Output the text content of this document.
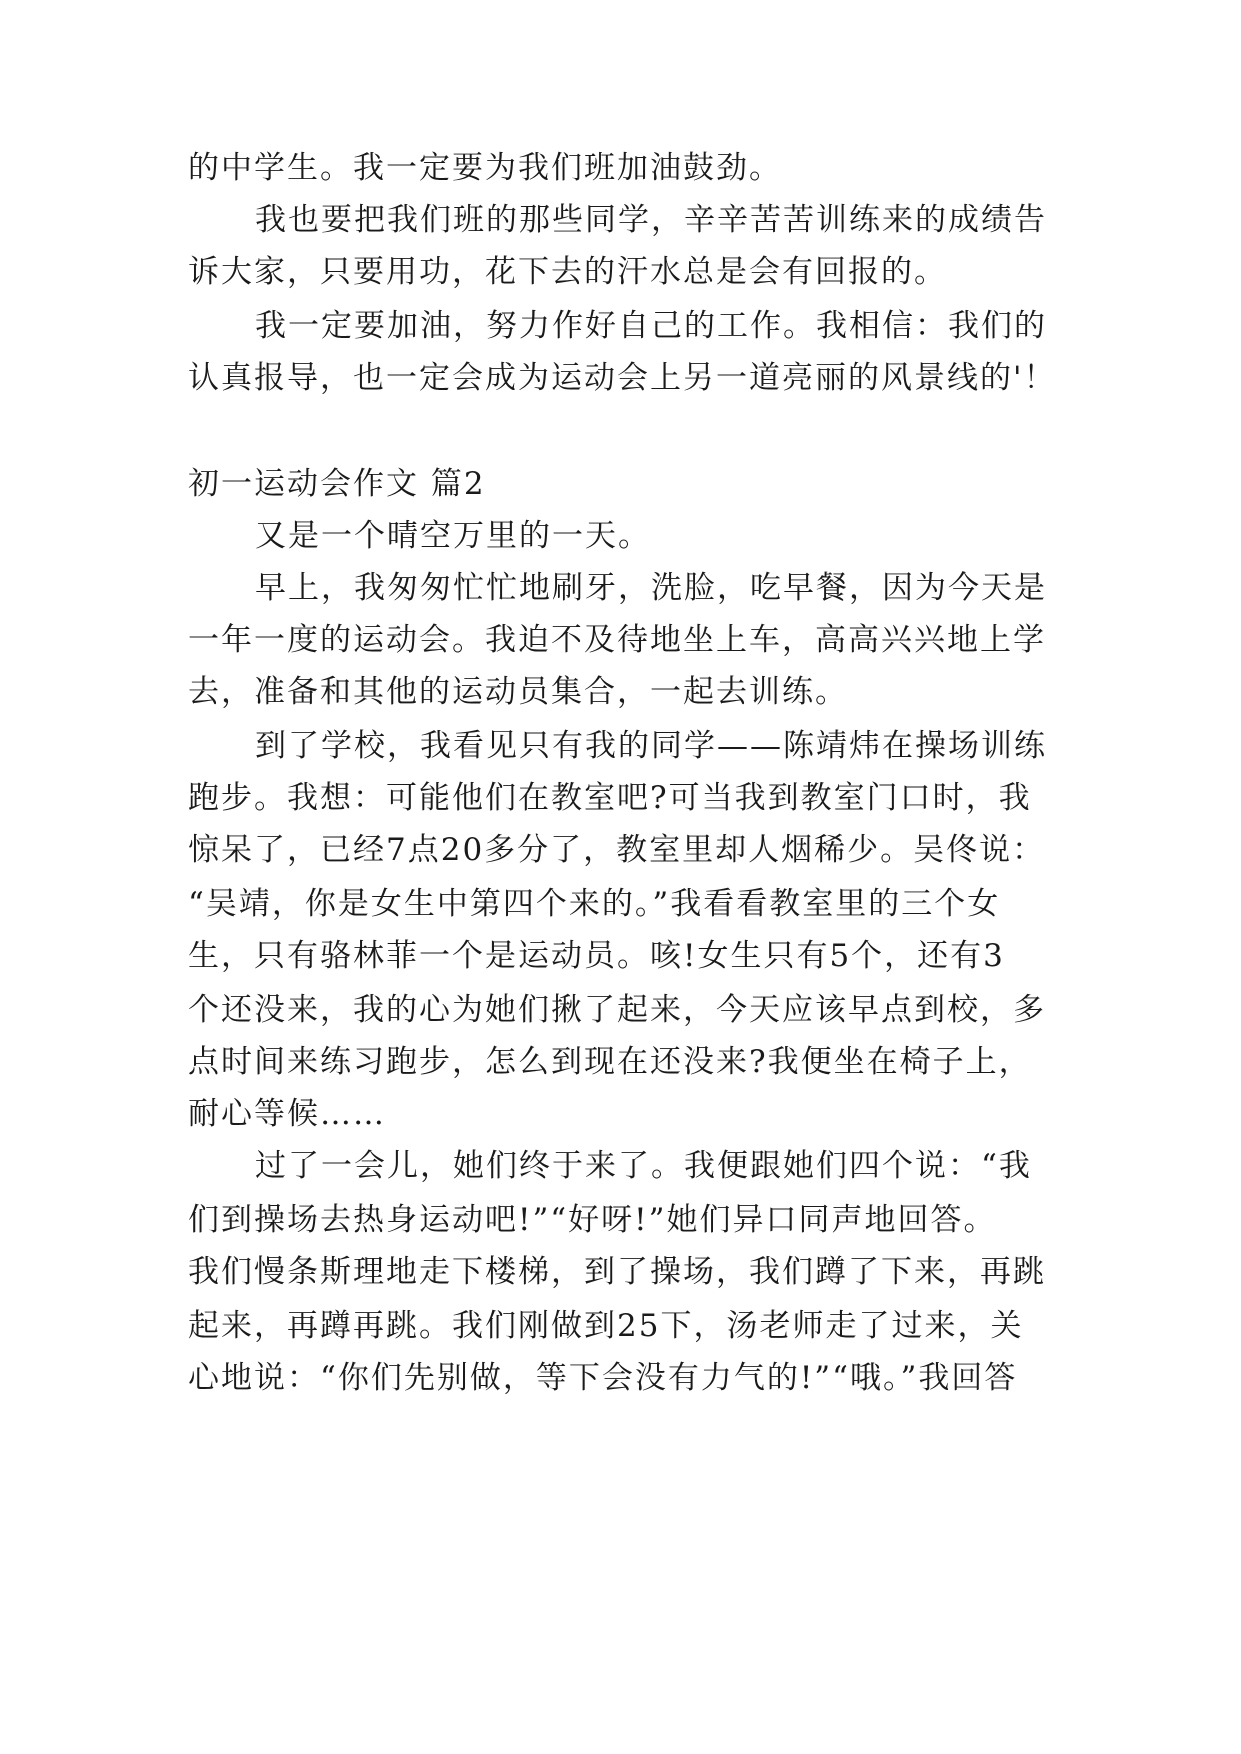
的中学生。我一定要为我们班加油鼓劲。
我也要把我们班的那些同学，辛辛苦苦训练来的成绩告
诉大家，只要用功，花下去的汗水总是会有回报的。
我一定要加油，努力作好自己的工作。我相信：我们的
认真报导，也一定会成为运动会上另一道亮丽的风景线的'！
初一运动会作文 篇2
又是一个晴空万里的一天。
早上，我匆匆忙忙地刷牙，洗脸，吃早餐，因为今天是
一年一度的运动会。我迫不及待地坐上车，高高兴兴地上学
去，准备和其他的运动员集合，一起去训练。
到了学校，我看见只有我的同学——陈靖炜在操场训练
跑步。我想：可能他们在教室吧?可当我到教室门口时，我
惊呆了，已经7点20多分了，教室里却人烟稀少。吴佟说：
“吴靖，你是女生中第四个来的。”我看看教室里的三个女
生，只有骆林菲一个是运动员。咳!女生只有5个，还有3
个还没来，我的心为她们揪了起来，今天应该早点到校，多
点时间来练习跑步，怎么到现在还没来?我便坐在椅子上，
耐心等候……
过了一会儿，她们终于来了。我便跟她们四个说：“我
们到操场去热身运动吧!”“好呀!”她们异口同声地回答。
我们慢条斯理地走下楼梯，到了操场，我们蹲了下来，再跳
起来，再蹲再跳。我们刚做到25下，汤老师走了过来，关
心地说：“你们先别做，等下会没有力气的!”“哦。”我回答
